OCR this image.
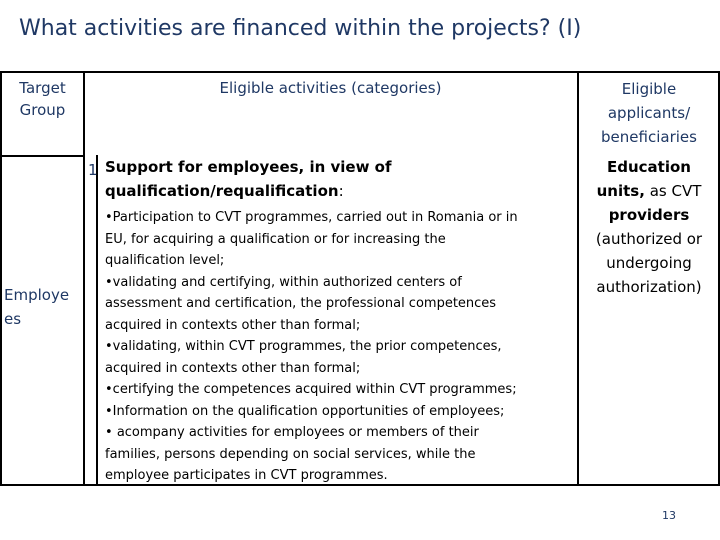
What activities are financed within the projects? (I)
Target
Group
Eligible activities (categories)	Eligible
applicants/
beneficiaries
Employe
es
1 Support for employees, in view of
qualification/requalification:
•Participation to CVT programmes, carried out in Romania or in
EU, for acquiring a qualification or for increasing the
qualification level;
•validating and certifying, within authorized centers of
assessment and certification, the professional competences
acquired in contexts other than formal;
•validating, within CVT programmes, the prior competences,
acquired in contexts other than formal;
•certifying the competences acquired within CVT programmes;
•Information on the qualification opportunities of employees;
• acompany activities for employees or members of their
families, persons depending on social services, while the
employee participates in CVT programmes.
Education
units, as CVT
providers
(authorized or
undergoing
authorization)
13
